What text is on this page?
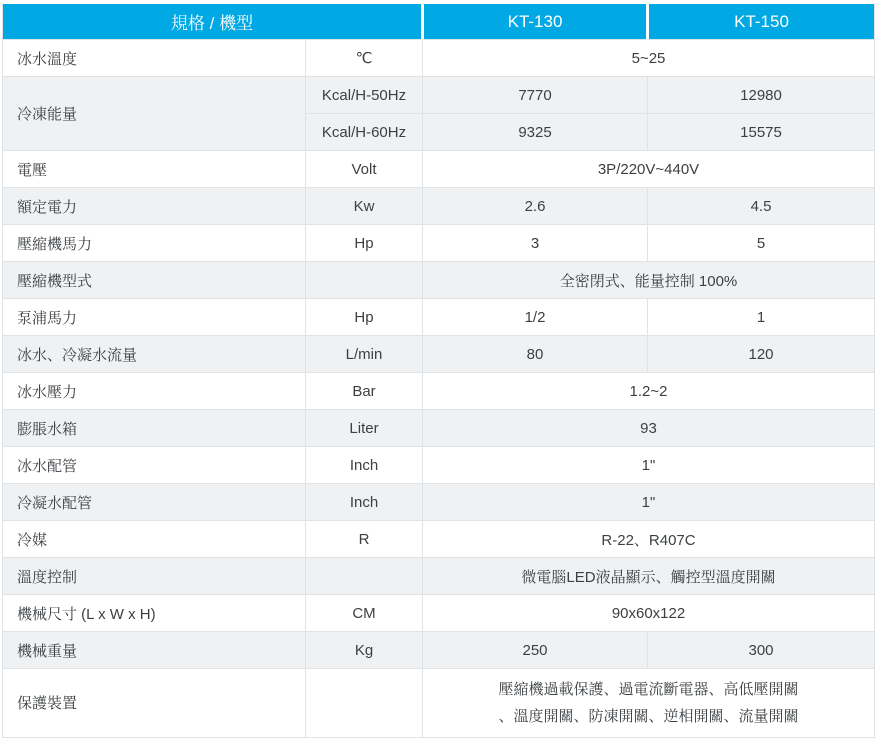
規格 / 機型		KT-130	KT-150
冰水溫度	℃	5~25	
冷凍能量	Kcal/H-50Hz	7770	12980
	Kcal/H-60Hz	9325	15575
電壓	Volt	3P/220V~440V	
額定電力	Kw	2.6	4.5
壓縮機馬力	Hp	3	5
壓縮機型式		全密閉式、能量控制 100%	
泵浦馬力	Hp	1/2	1
冰水、冷凝水流量	L/min	80	120
冰水壓力	Bar	1.2~2	
膨脹水箱	Liter	93	
冰水配管	Inch	1"	
冷凝水配管	Inch	1"	
冷媒	R	R-22、R407C	
溫度控制		微電腦LED液晶顯示、觸控型溫度開關	
機械尺寸 (L x W x H)	CM	90x60x122	
機械重量	Kg	250	300
保護裝置		壓縮機過載保護、過電流斷電器、高低壓開關
、溫度開關、防凍開關、逆相開關、流量開關	
